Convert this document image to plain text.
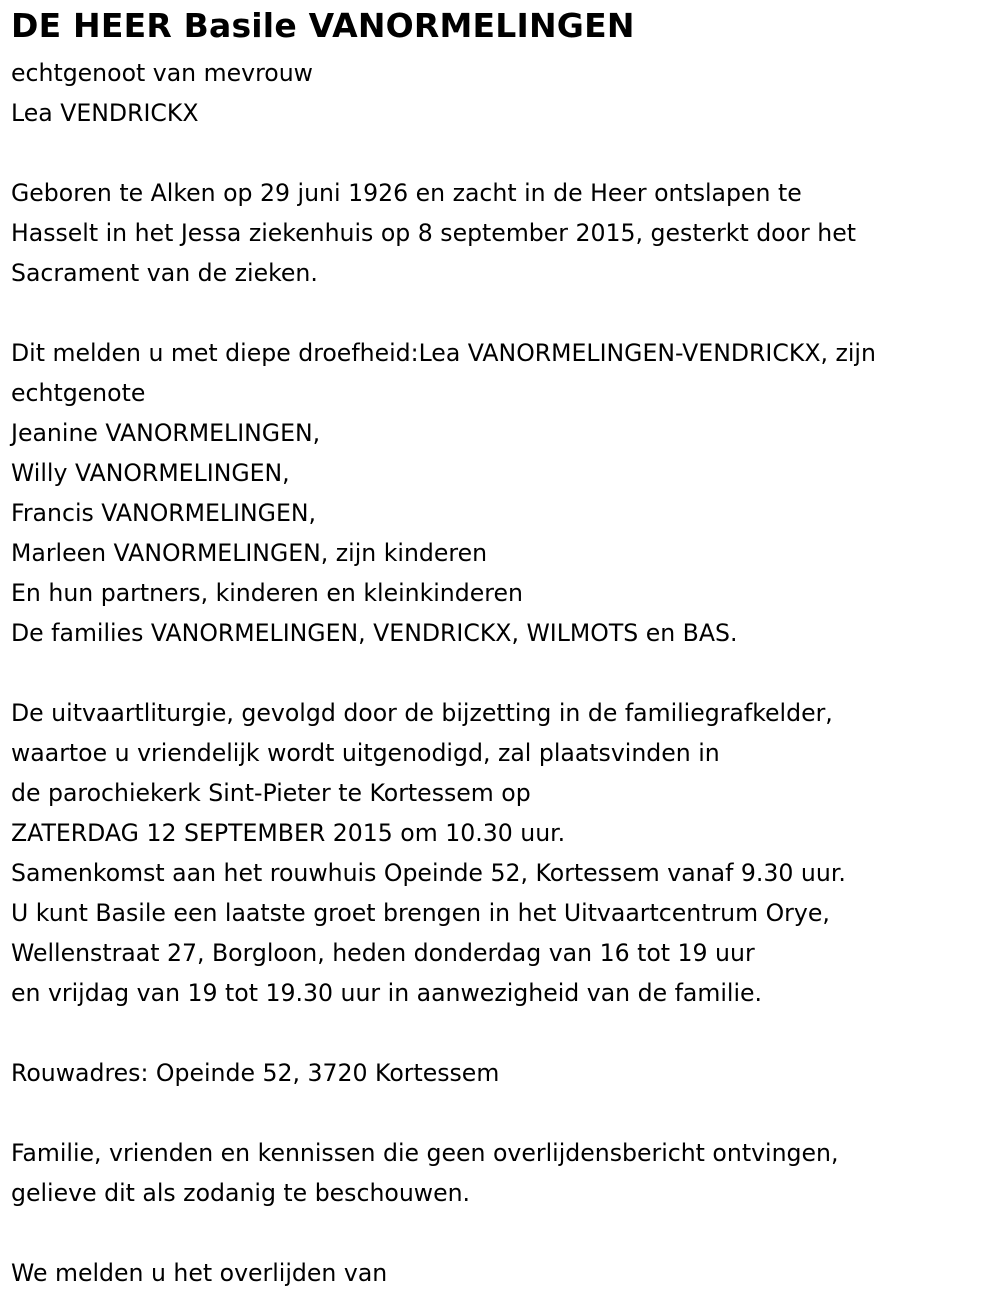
DE HEER Basile VANORMELINGEN
echtgenoot van mevrouw
Lea VENDRICKX
Geboren te Alken op 29 juni 1926 en zacht in de Heer ontslapen te
Hasselt in het Jessa ziekenhuis op 8 september 2015, gesterkt door het
Sacrament van de zieken.
Dit melden u met diepe droefheid:Lea VANORMELINGEN-VENDRICKX, zijn
echtgenote
Jeanine VANORMELINGEN,
Willy VANORMELINGEN,
Francis VANORMELINGEN,
Marleen VANORMELINGEN, zijn kinderen
En hun partners, kinderen en kleinkinderen
De families VANORMELINGEN, VENDRICKX, WILMOTS en BAS.
De uitvaartliturgie, gevolgd door de bijzetting in de familiegrafkelder,
waartoe u vriendelijk wordt uitgenodigd, zal plaatsvinden in
de parochiekerk Sint-Pieter te Kortessem op
ZATERDAG 12 SEPTEMBER 2015 om 10.30 uur.
Samenkomst aan het rouwhuis Opeinde 52, Kortessem vanaf 9.30 uur.
U kunt Basile een laatste groet brengen in het Uitvaartcentrum Orye,
Wellenstraat 27, Borgloon, heden donderdag van 16 tot 19 uur
en vrijdag van 19 tot 19.30 uur in aanwezigheid van de familie.
Rouwadres: Opeinde 52, 3720 Kortessem
Familie, vrienden en kennissen die geen overlijdensbericht ontvingen,
gelieve dit als zodanig te beschouwen.
We melden u het overlijden van
